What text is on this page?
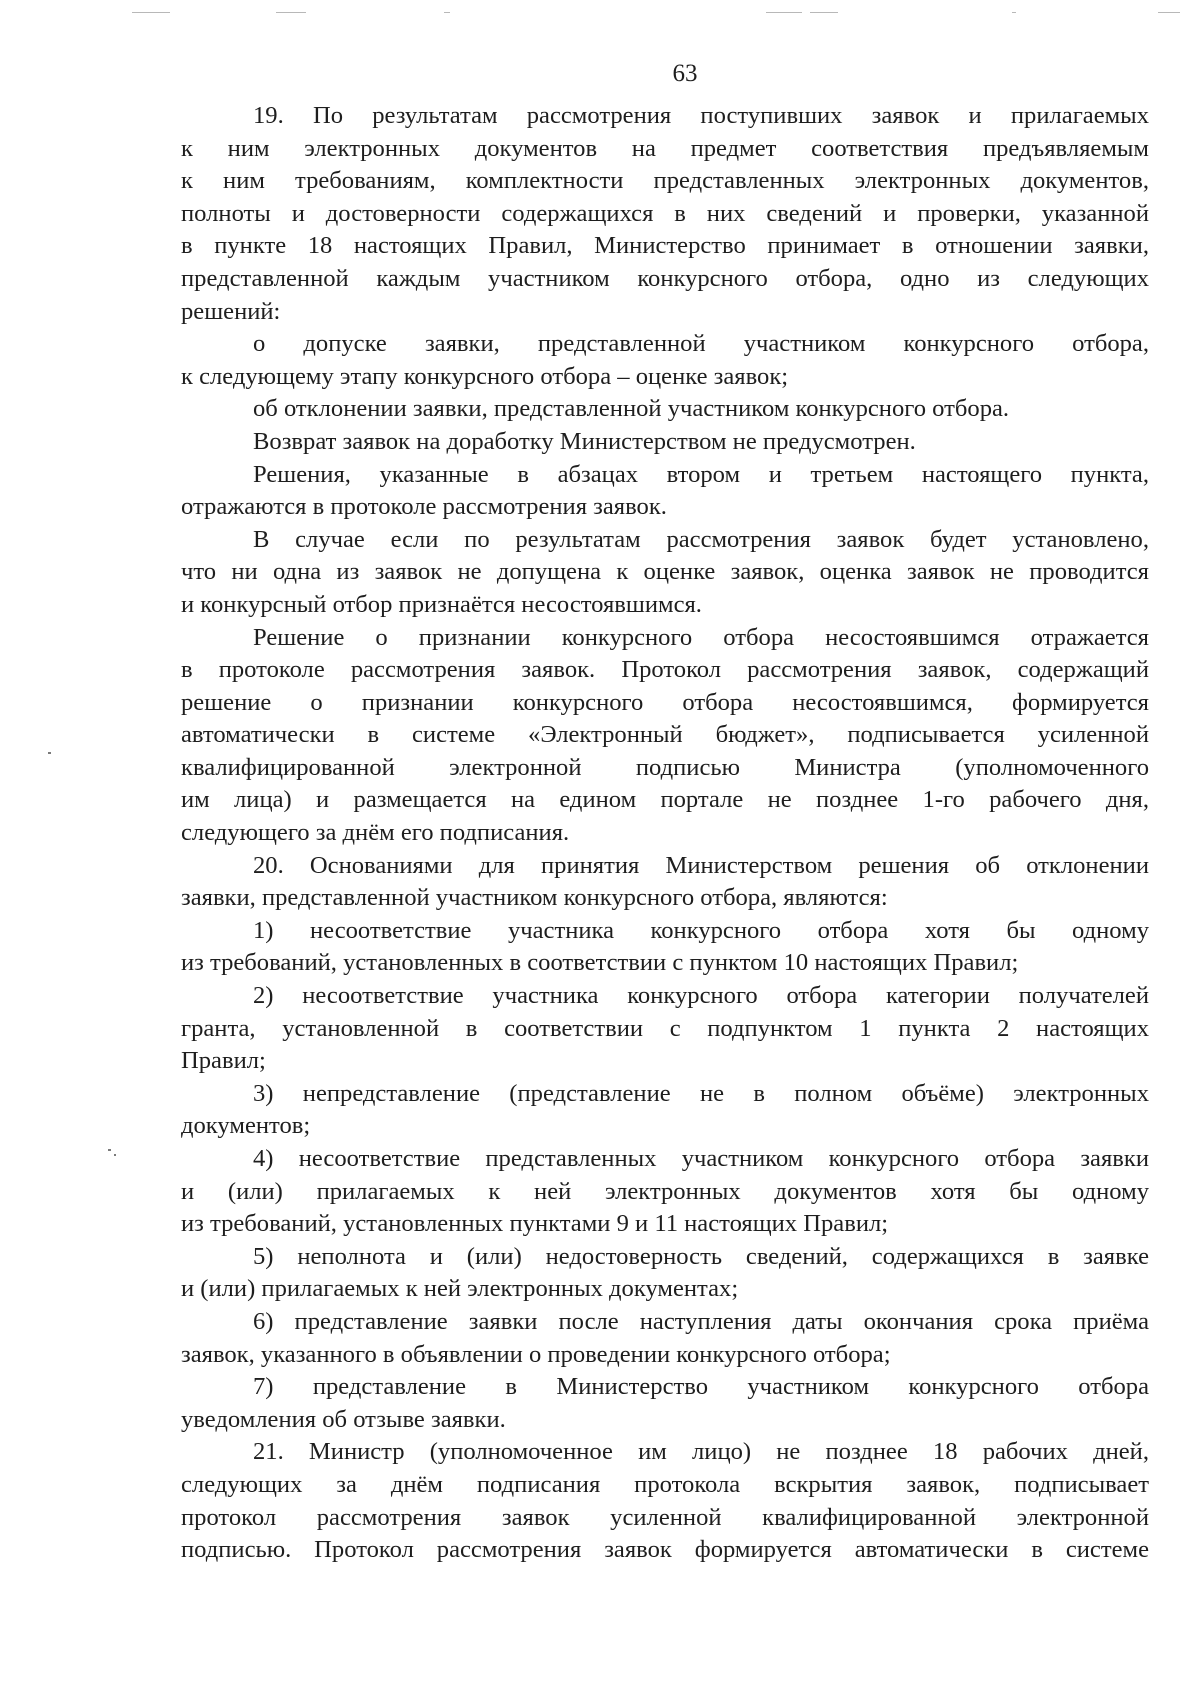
63
19. По результатам рассмотрения поступивших заявок и прилагаемых
к ним электронных документов на предмет соответствия предъявляемым
к ним требованиям, комплектности представленных электронных документов,
полноты и достоверности содержащихся в них сведений и проверки, указанной
в пункте 18 настоящих Правил, Министерство принимает в отношении заявки,
представленной каждым участником конкурсного отбора, одно из следующих
решений:
о допуске заявки, представленной участником конкурсного отбора,
к следующему этапу конкурсного отбора – оценке заявок;
об отклонении заявки, представленной участником конкурсного отбора.
Возврат заявок на доработку Министерством не предусмотрен.
Решения, указанные в абзацах втором и третьем настоящего пункта,
отражаются в протоколе рассмотрения заявок.
В случае если по результатам рассмотрения заявок будет установлено,
что ни одна из заявок не допущена к оценке заявок, оценка заявок не проводится
и конкурсный отбор признаётся несостоявшимся.
Решение о признании конкурсного отбора несостоявшимся отражается
в протоколе рассмотрения заявок. Протокол рассмотрения заявок, содержащий
решение о признании конкурсного отбора несостоявшимся, формируется
автоматически в системе «Электронный бюджет», подписывается усиленной
квалифицированной электронной подписью Министра (уполномоченного
им лица) и размещается на едином портале не позднее 1-го рабочего дня,
следующего за днём его подписания.
20. Основаниями для принятия Министерством решения об отклонении
заявки, представленной участником конкурсного отбора, являются:
1) несоответствие участника конкурсного отбора хотя бы одному
из требований, установленных в соответствии с пунктом 10 настоящих Правил;
2) несоответствие участника конкурсного отбора категории получателей
гранта, установленной в соответствии с подпунктом 1 пункта 2 настоящих
Правил;
3) непредставление (представление не в полном объёме) электронных
документов;
4) несоответствие представленных участником конкурсного отбора заявки
и (или) прилагаемых к ней электронных документов хотя бы одному
из требований, установленных пунктами 9 и 11 настоящих Правил;
5) неполнота и (или) недостоверность сведений, содержащихся в заявке
и (или) прилагаемых к ней электронных документах;
6) представление заявки после наступления даты окончания срока приёма
заявок, указанного в объявлении о проведении конкурсного отбора;
7) представление в Министерство участником конкурсного отбора
уведомления об отзыве заявки.
21. Министр (уполномоченное им лицо) не позднее 18 рабочих дней,
следующих за днём подписания протокола вскрытия заявок, подписывает
протокол рассмотрения заявок усиленной квалифицированной электронной
подписью. Протокол рассмотрения заявок формируется автоматически в системе
